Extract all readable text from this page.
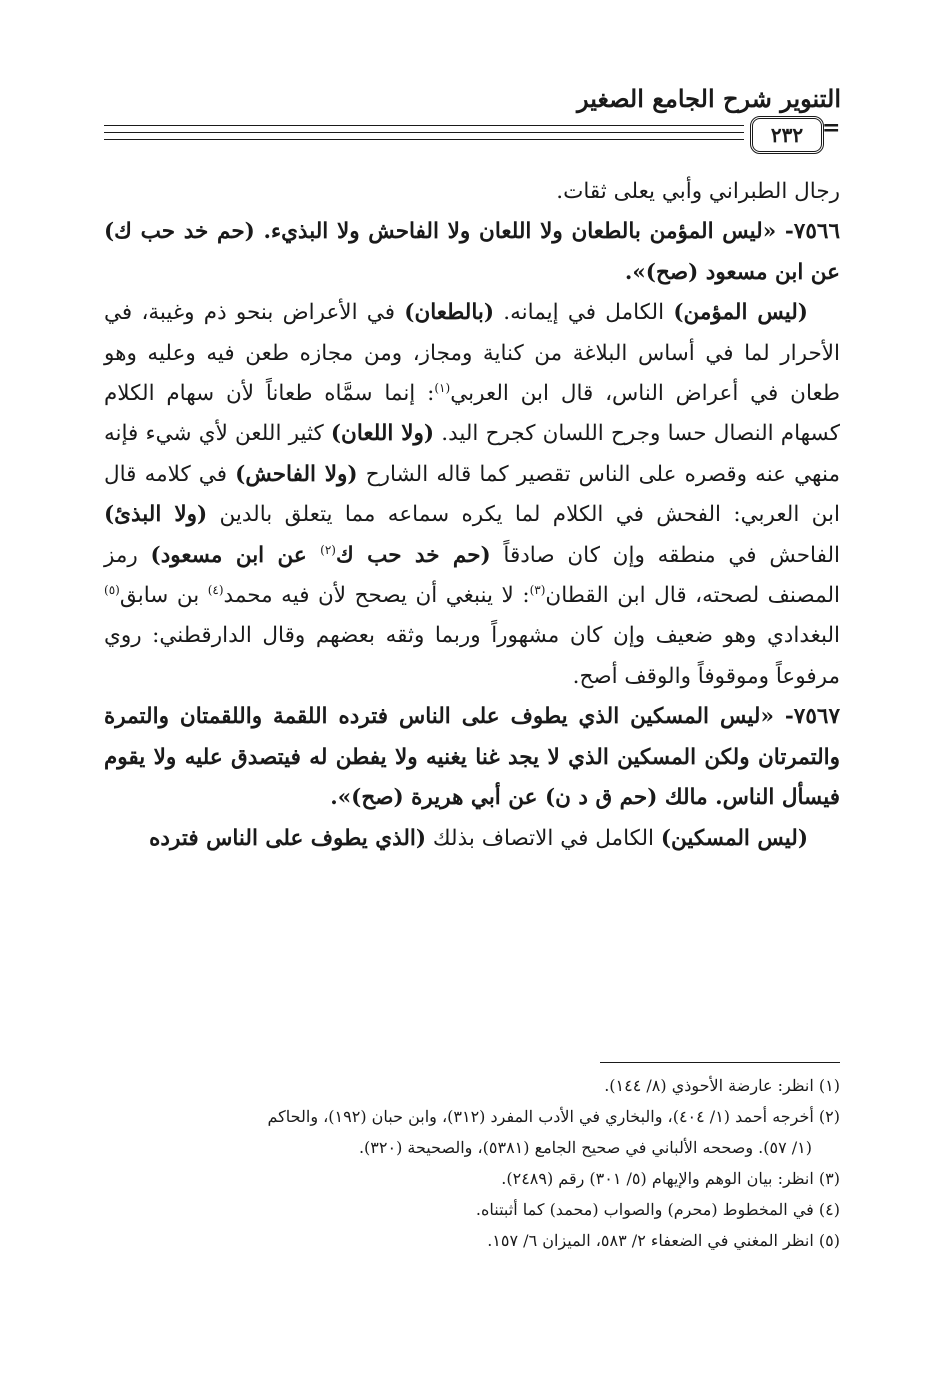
التنوير شرح الجامع الصغير
٢٣٢ =

رجال الطبراني وأبي يعلى ثقات.

٧٥٦٦- «ليس المؤمن بالطعان ولا اللعان ولا الفاحش ولا البذيء. (حم خد حب ك) عن ابن مسعود (صح)».

(ليس المؤمن) الكامل في إيمانه. (بالطعان) في الأعراض بنحو ذم وغيبة، في الأحرار لما في أساس البلاغة من كناية ومجاز، ومن مجازه طعن فيه وعليه وهو طعان في أعراض الناس، قال ابن العربي$^{(١)}$: إنما سمَّاه طعاناً لأن سهام الكلام كسهام النصال حسا وجرح اللسان كجرح اليد. (ولا اللعان) كثير اللعن لأي شيء فإنه منهي عنه وقصره على الناس تقصير كما قاله الشارح (ولا الفاحش) في كلامه قال ابن العربي: الفحش في الكلام لما يكره سماعه مما يتعلق بالدين (ولا البذئ) الفاحش في منطقه وإن كان صادقاً (حم خد حب ك$^{(٢)}$ عن ابن مسعود) رمز المصنف لصحته، قال ابن القطان$^{(٣)}$: لا ينبغي أن يصحح لأن فيه محمد$^{(٤)}$ بن سابق$^{(٥)}$ البغدادي وهو ضعيف وإن كان مشهوراً وربما وثقه بعضهم وقال الدارقطني: روي مرفوعاً وموقوفاً والوقف أصح.

٧٥٦٧- «ليس المسكين الذي يطوف على الناس فترده اللقمة واللقمتان والتمرة والتمرتان ولكن المسكين الذي لا يجد غنا يغنيه ولا يفطن له فيتصدق عليه ولا يقوم فيسأل الناس. مالك (حم ق د ن) عن أبي هريرة (صح)».

(ليس المسكين) الكامل في الاتصاف بذلك (الذي يطوف على الناس فترده

(١) انظر: عارضة الأحوذي (٨/ ١٤٤).

(٢) أخرجه أحمد (١/ ٤٠٤)، والبخاري في الأدب المفرد (٣١٢)، وابن حبان (١٩٢)، والحاكم

(١/ ٥٧). وصححه الألباني في صحيح الجامع (٥٣٨١)، والصحيحة (٣٢٠).

(٣) انظر: بيان الوهم والإيهام (٥/ ٣٠١) رقم (٢٤٨٩).

(٤) في المخطوط (محرم) والصواب (محمد) كما أثبتناه.

(٥) انظر المغني في الضعفاء ٢/ ٥٨٣، الميزان ٦/ ١٥٧.
